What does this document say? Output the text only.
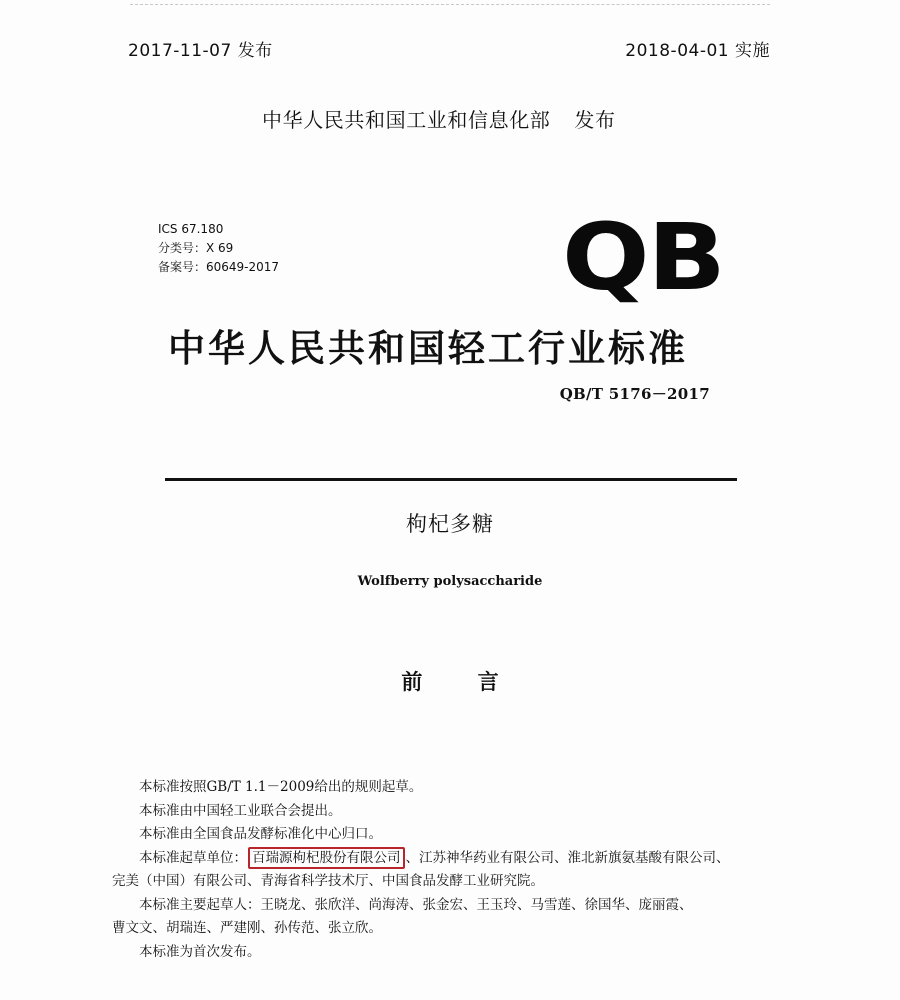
2017-11-07 发布	2018-04-01 实施
中华人民共和国工业和信息化部 发布
ICS 67.180
分类号：X 69
备案号：60649-2017	QB
中华人民共和国轻工行业标准
QB/T 5176－2017
枸杞多糖
Wolfberry polysaccharide
前 言
本标准按照GB/T 1.1－2009给出的规则起草。
本标准由中国轻工业联合会提出。
本标准由全国食品发酵标准化中心归口。
本标准起草单位： 百瑞源枸杞股份有限公司 、江苏神华药业有限公司、淮北新旗氨基酸有限公司、
完美（中国）有限公司、青海省科学技术厅、中国食品发酵工业研究院。
本标准主要起草人：王晓龙、张欣洋、尚海涛、张金宏、王玉玲、马雪莲、徐国华、庞丽霞、
曹文文、胡瑞连、严建刚、孙传范、张立欣。
本标准为首次发布。
